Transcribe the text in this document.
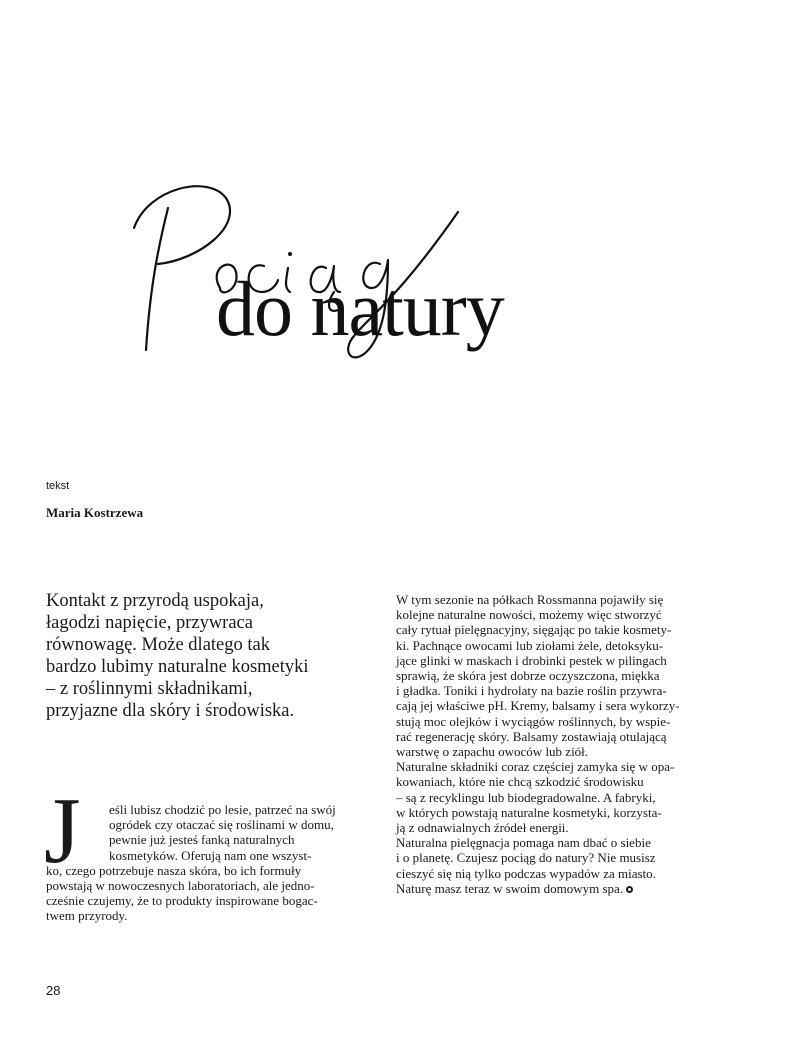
do natury
tekst
Maria Kostrzewa
Kontakt z przyrodą uspokaja,
łagodzi napięcie, przywraca
równowagę. Może dlatego tak
bardzo lubimy naturalne kosmetyki
– z roślinnymi składnikami,
przyjazne dla skóry i środowiska.
J	eśli lubisz chodzić po lesie, patrzeć na swój
ogródek czy otaczać się roślinami w domu,
pewnie już jesteś fanką naturalnych
kosmetyków. Oferują nam one wszyst-
ko, czego potrzebuje nasza skóra, bo ich formuły
powstają w nowoczesnych laboratoriach, ale jedno-
cześnie czujemy, że to produkty inspirowane bogac-
twem przyrody.
W tym sezonie na półkach Rossmanna pojawiły się
kolejne naturalne nowości, możemy więc stworzyć
cały rytuał pielęgnacyjny, sięgając po takie kosmety-
ki. Pachnące owocami lub ziołami żele, detoksyku-
jące glinki w maskach i drobinki pestek w pilingach
sprawią, że skóra jest dobrze oczyszczona, miękka
i gładka. Toniki i hydrolaty na bazie roślin przywra-
cają jej właściwe pH. Kremy, balsamy i sera wykorzy-
stują moc olejków i wyciągów roślinnych, by wspie-
rać regenerację skóry. Balsamy zostawiają otulającą
warstwę o zapachu owoców lub ziół.
Naturalne składniki coraz częściej zamyka się w opa-
kowaniach, które nie chcą szkodzić środowisku
– są z recyklingu lub biodegradowalne. A fabryki,
w których powstają naturalne kosmetyki, korzysta-
ją z odnawialnych źródeł energii.
Naturalna pielęgnacja pomaga nam dbać o siebie
i o planetę. Czujesz pociąg do natury? Nie musisz
cieszyć się nią tylko podczas wypadów za miasto.
Naturę masz teraz w swoim domowym spa.
28
